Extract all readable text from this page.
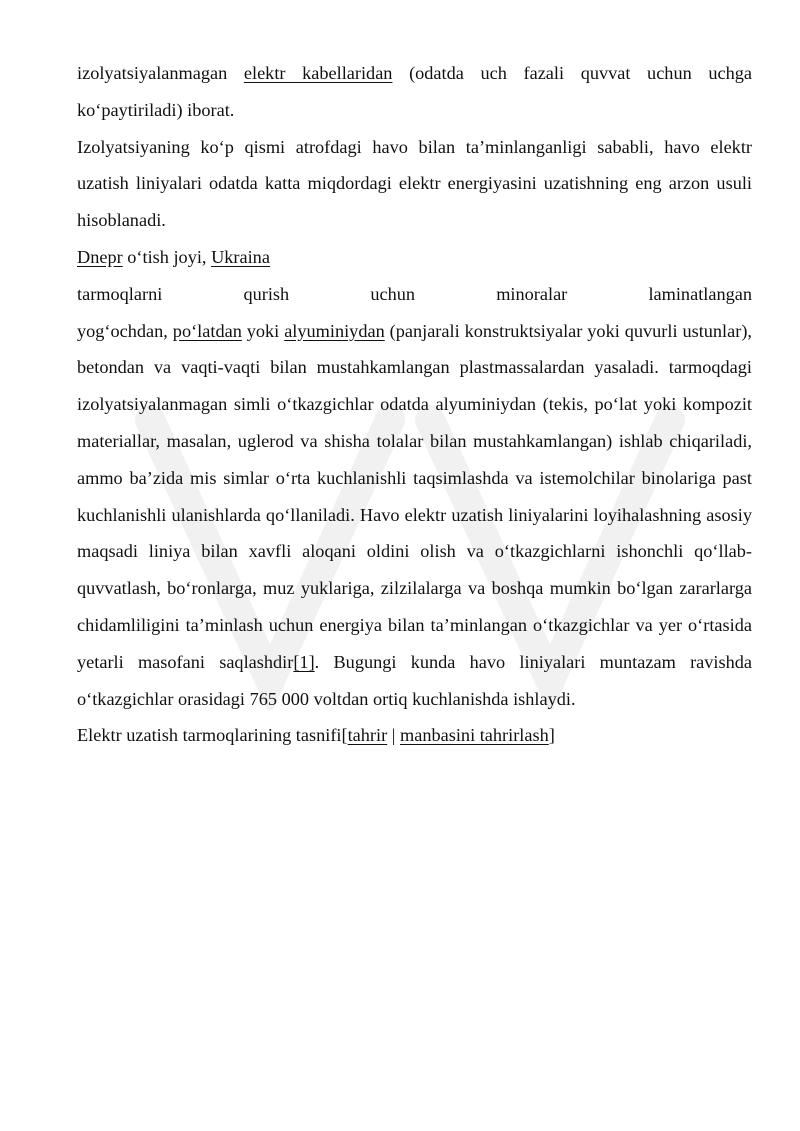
izolyatsiyalanmagan elektr kabellaridan (odatda uch fazali quvvat uchun uchga ko‘paytiriladi) iborat.

Izolyatsiyaning ko‘p qismi atrofdagi havo bilan ta’minlanganligi sababli, havo elektr uzatish liniyalari odatda katta miqdordagi elektr energiyasini uzatishning eng arzon usuli hisoblanadi.

Dnepr o‘tish joyi, Ukraina

tarmoqlarni qurish uchun minoralar laminatlangan

yog‘ochdan, po‘latdan yoki alyuminiydan (panjarali konstruktsiyalar yoki quvurli ustunlar), betondan va vaqti-vaqti bilan mustahkamlangan plastmassalardan yasaladi. tarmoqdagi izolyatsiyalanmagan simli o‘tkazgichlar odatda alyuminiydan (tekis, po‘lat yoki kompozit materiallar, masalan, uglerod va shisha tolalar bilan mustahkamlangan) ishlab chiqariladi, ammo ba’zida mis simlar o‘rta kuchlanishli taqsimlashda va istemolchilar binolariga past kuchlanishli ulanishlarda qo‘llaniladi. Havo elektr uzatish liniyalarini loyihalashning asosiy maqsadi liniya bilan xavfli aloqani oldini olish va o‘tkazgichlarni ishonchli qo‘llab-quvvatlash, bo‘ronlarga, muz yuklariga, zilzilalarga va boshqa mumkin bo‘lgan zararlarga chidamliligini ta’minlash uchun energiya bilan ta’minlangan o‘tkazgichlar va yer o‘rtasida yetarli masofani saqlashdir[1]. Bugungi kunda havo liniyalari muntazam ravishda o‘tkazgichlar orasidagi 765 000 voltdan ortiq kuchlanishda ishlaydi.

Elektr uzatish tarmoqlarining tasnifi[tahrir | manbasini tahrirlash]
